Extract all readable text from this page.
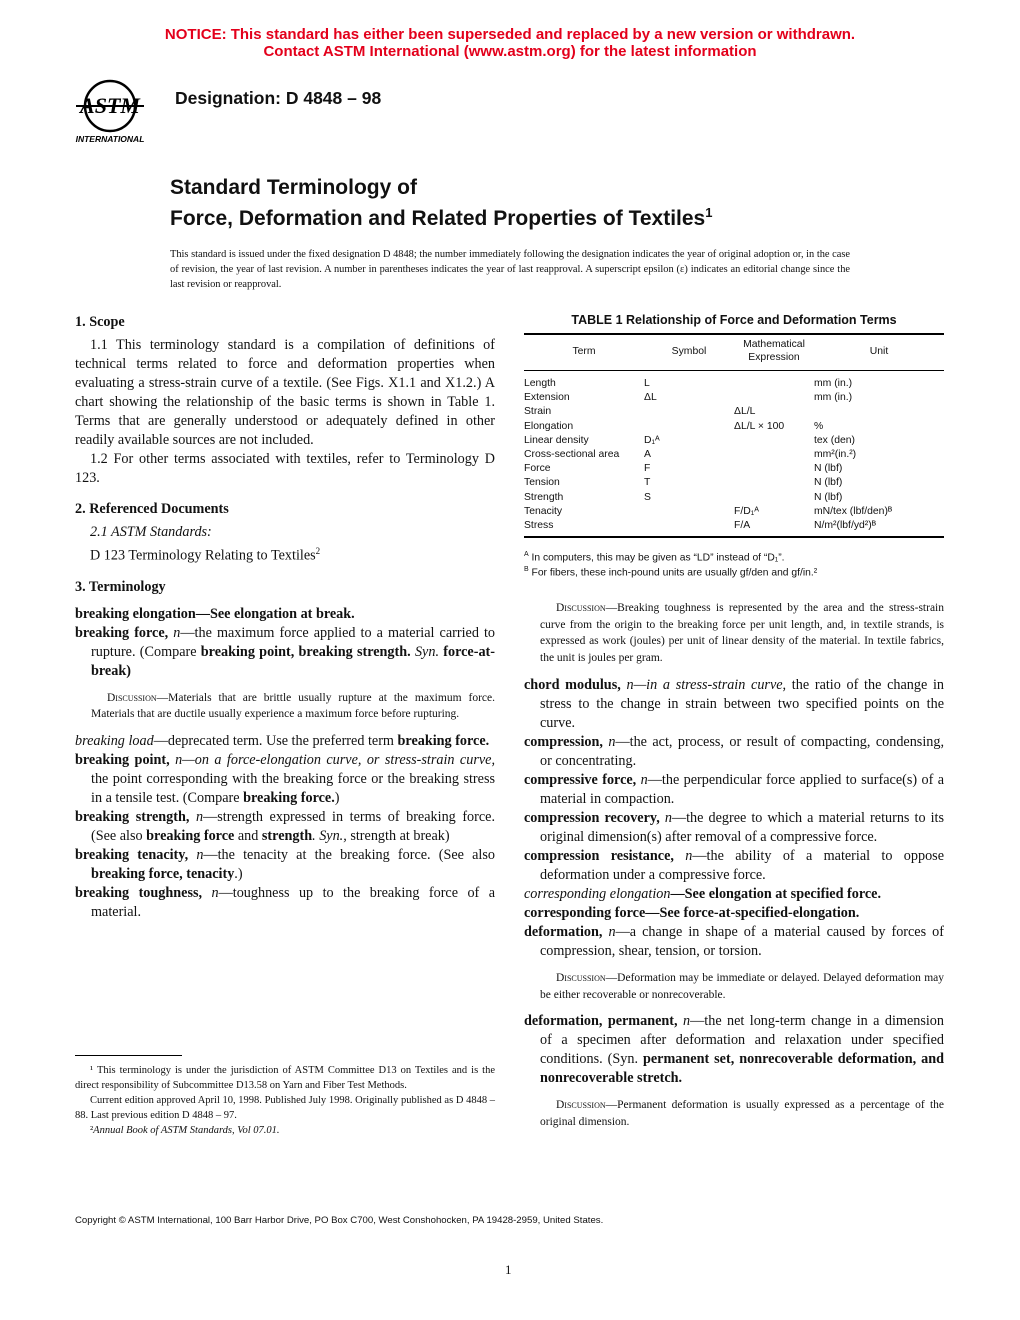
NOTICE: This standard has either been superseded and replaced by a new version or withdrawn.
Contact ASTM International (www.astm.org) for the latest information
ASTM
INTERNATIONAL
Designation: D 4848 – 98
Standard Terminology of
Force, Deformation and Related Properties of Textiles$^1$
This standard is issued under the fixed designation D 4848; the number immediately following the designation indicates the year of original adoption or, in the case of revision, the year of last revision. A number in parentheses indicates the year of last reapproval. A superscript epsilon (ε) indicates an editorial change since the last revision or reapproval.

1. Scope

1.1 This terminology standard is a compilation of definitions of technical terms related to force and deformation properties when evaluating a stress-strain curve of a textile. (See Figs. X1.1 and X1.2.) A chart showing the relationship of the basic terms is shown in Table 1. Terms that are generally understood or adequately defined in other readily available sources are not included.

1.2 For other terms associated with textiles, refer to Terminology D 123.

2. Referenced Documents

2.1 ASTM Standards:

D 123 Terminology Relating to Textiles$^2$

3. Terminology

breaking elongation—See elongation at break.

breaking force, n—the maximum force applied to a material carried to rupture. (Compare breaking point, breaking strength. Syn. force-at-break)

Discussion—Materials that are brittle usually rupture at the maximum force. Materials that are ductile usually experience a maximum force before rupturing.

breaking load—deprecated term. Use the preferred term breaking force.

breaking point, n—on a force-elongation curve, or stress-strain curve, the point corresponding with the breaking force or the breaking stress in a tensile test. (Compare breaking force.)

breaking strength, n—strength expressed in terms of breaking force. (See also breaking force and strength. Syn., strength at break)

breaking tenacity, n—the tenacity at the breaking force. (See also breaking force, tenacity.)

breaking toughness, n—toughness up to the breaking force of a material.

¹ This terminology is under the jurisdiction of ASTM Committee D13 on Textiles and is the direct responsibility of Subcommittee D13.58 on Yarn and Fiber Test Methods.

Current edition approved April 10, 1998. Published July 1998. Originally published as D 4848 – 88. Last previous edition D 4848 – 97.

²Annual Book of ASTM Standards, Vol 07.01.

TABLE 1 Relationship of Force and Deformation Terms
Term	Symbol	Mathematical Expression	Unit
Length	L		mm (in.)
Extension	ΔL		mm (in.)
Strain		ΔL/L	
Elongation		ΔL/L × 100	%
Linear density	D₁ᴬ		tex (den)
Cross-sectional area	A		mm²(in.²)
Force	F		N (lbf)
Tension	T		N (lbf)
Strength	S		N (lbf)
Tenacity		F/D₁ᴬ	mN/tex (lbf/den)ᴮ
Stress		F/A	N/m²(lbf/yd²)ᴮ
$^A$ In computers, this may be given as “LD” instead of “D₁”.
$^B$ For fibers, these inch-pound units are usually gf/den and gf/in.²

Discussion—Breaking toughness is represented by the area and the stress-strain curve from the origin to the breaking force per unit length, and, in textile strands, is expressed as work (joules) per unit of linear density of the material. In textile fabrics, the unit is joules per gram.

chord modulus, n—in a stress-strain curve, the ratio of the change in stress to the change in strain between two specified points on the curve.

compression, n—the act, process, or result of compacting, condensing, or concentrating.

compressive force, n—the perpendicular force applied to surface(s) of a material in compaction.

compression recovery, n—the degree to which a material returns to its original dimension(s) after removal of a compressive force.

compression resistance, n—the ability of a material to oppose deformation under a compressive force.

corresponding elongation—See elongation at specified force.

corresponding force—See force-at-specified-elongation.

deformation, n—a change in shape of a material caused by forces of compression, shear, tension, or torsion.

Discussion—Deformation may be immediate or delayed. Delayed deformation may be either recoverable or nonrecoverable.

deformation, permanent, n—the net long-term change in a dimension of a specimen after deformation and relaxation under specified conditions. (Syn. permanent set, nonrecoverable deformation, and nonrecoverable stretch.

Discussion—Permanent deformation is usually expressed as a percentage of the original dimension.

Copyright © ASTM International, 100 Barr Harbor Drive, PO Box C700, West Conshohocken, PA 19428-2959, United States.
1
